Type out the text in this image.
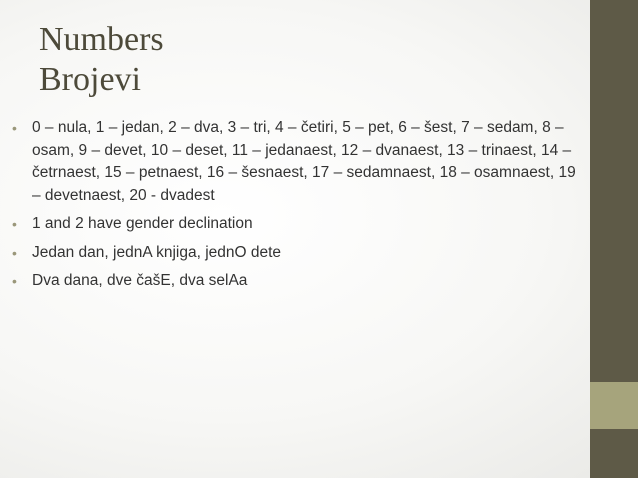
Numbers
Brojevi
• 0 – nula, 1 – jedan, 2 – dva, 3 – tri, 4 – četiri, 5 – pet, 6 – šest, 7 – sedam, 8 – osam, 9 – devet, 10 – deset, 11 – jedanaest, 12 – dvanaest, 13 – trinaest, 14 – četrnaest, 15 – petnaest, 16 – šesnaest, 17 – sedamnaest, 18 – osamnaest, 19 – devetnaest, 20 - dvadest
• 1 and 2 have gender declination
• Jedan dan, jednA knjiga, jednO dete
• Dva dana, dve čašE, dva selAa
